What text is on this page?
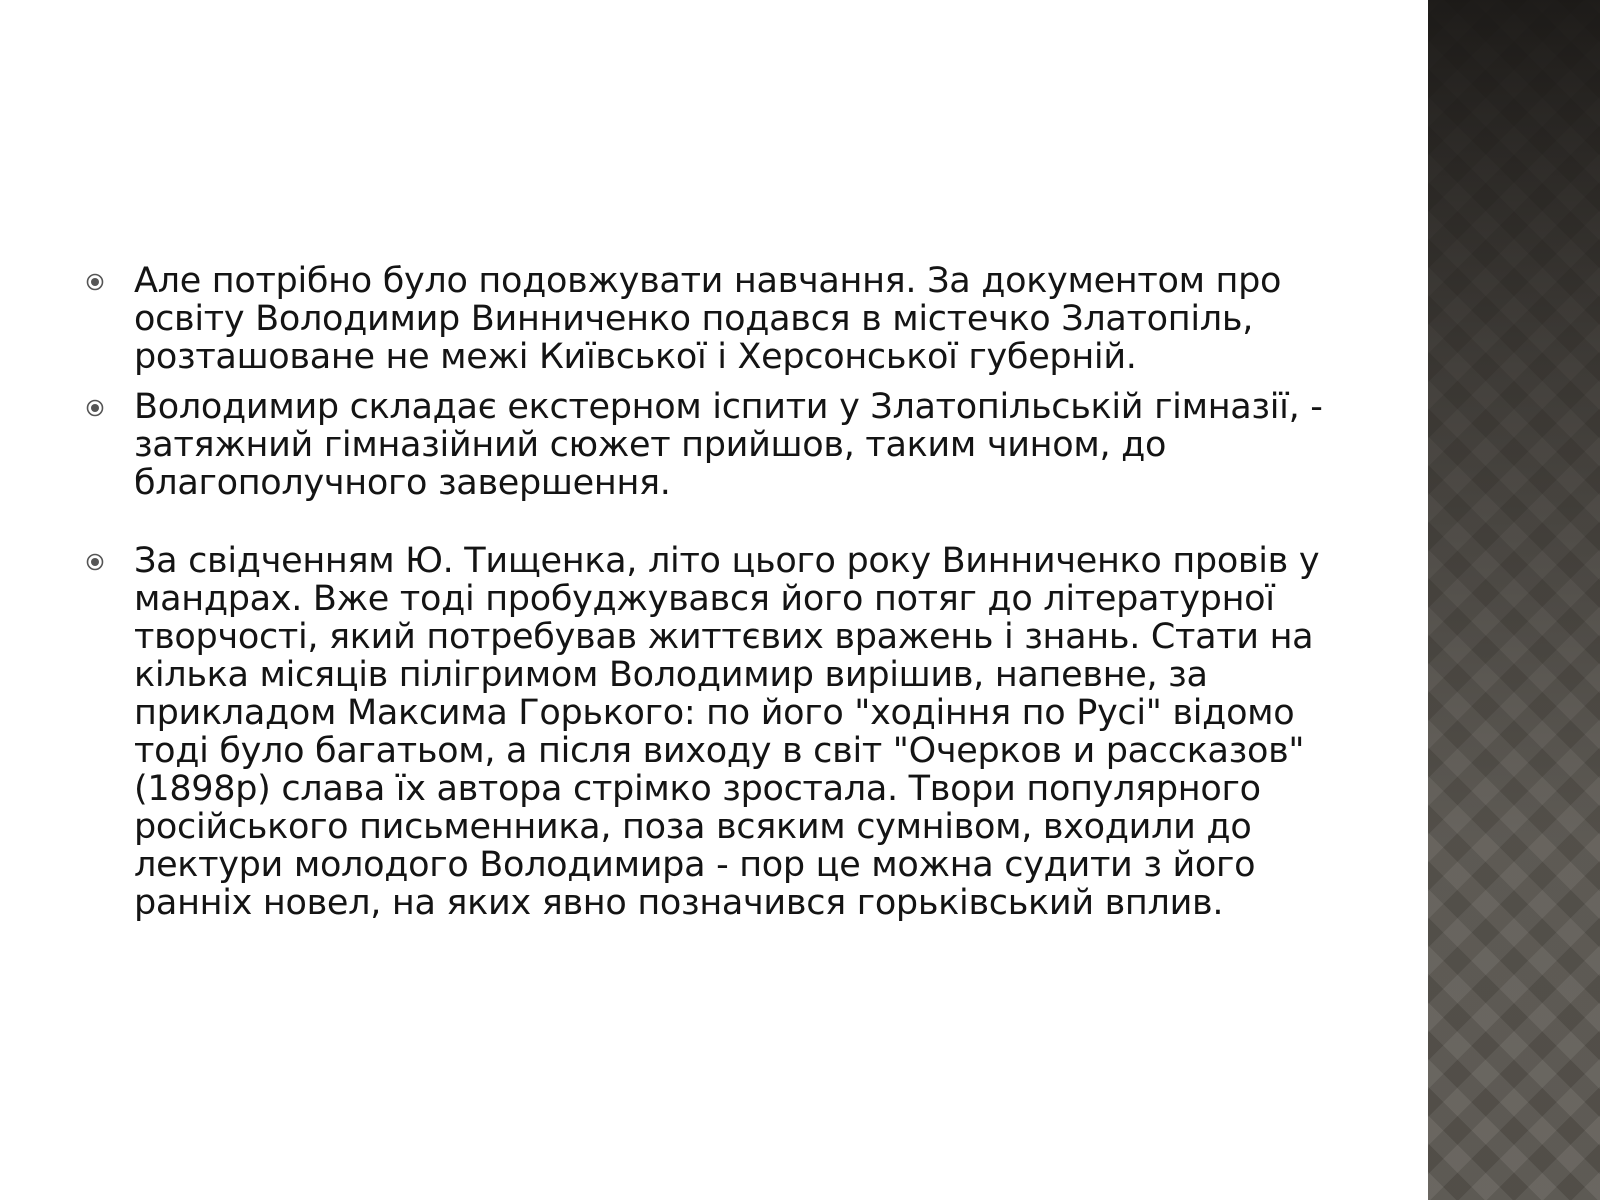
Але потрібно було подовжувати навчання. За документом про освіту Володимир Винниченко подався в містечко Златопіль, розташоване не межі Київської і Херсонської губерній.
Володимир складає екстерном іспити у Златопільській гімназії, - затяжний гімназійний сюжет прийшов, таким чином, до благополучного завершення.
За свідченням Ю. Тищенка, літо цього року Винниченко провів у мандрах. Вже тоді пробуджувався його потяг до літературної творчості, який потребував життєвих вражень і знань. Стати на кілька місяців пілігримом Володимир вирішив, напевне, за прикладом Максима Горького: по його "ходіння по Русі" відомо тоді було багатьом, а після виходу в світ "Очерков и рассказов" (1898р) слава їх автора стрімко зростала. Твори популярного російського письменника, поза всяким сумнівом, входили до лектури молодого Володимира - пор це можна судити з його ранніх новел, на яких явно позначився горьківський вплив.
